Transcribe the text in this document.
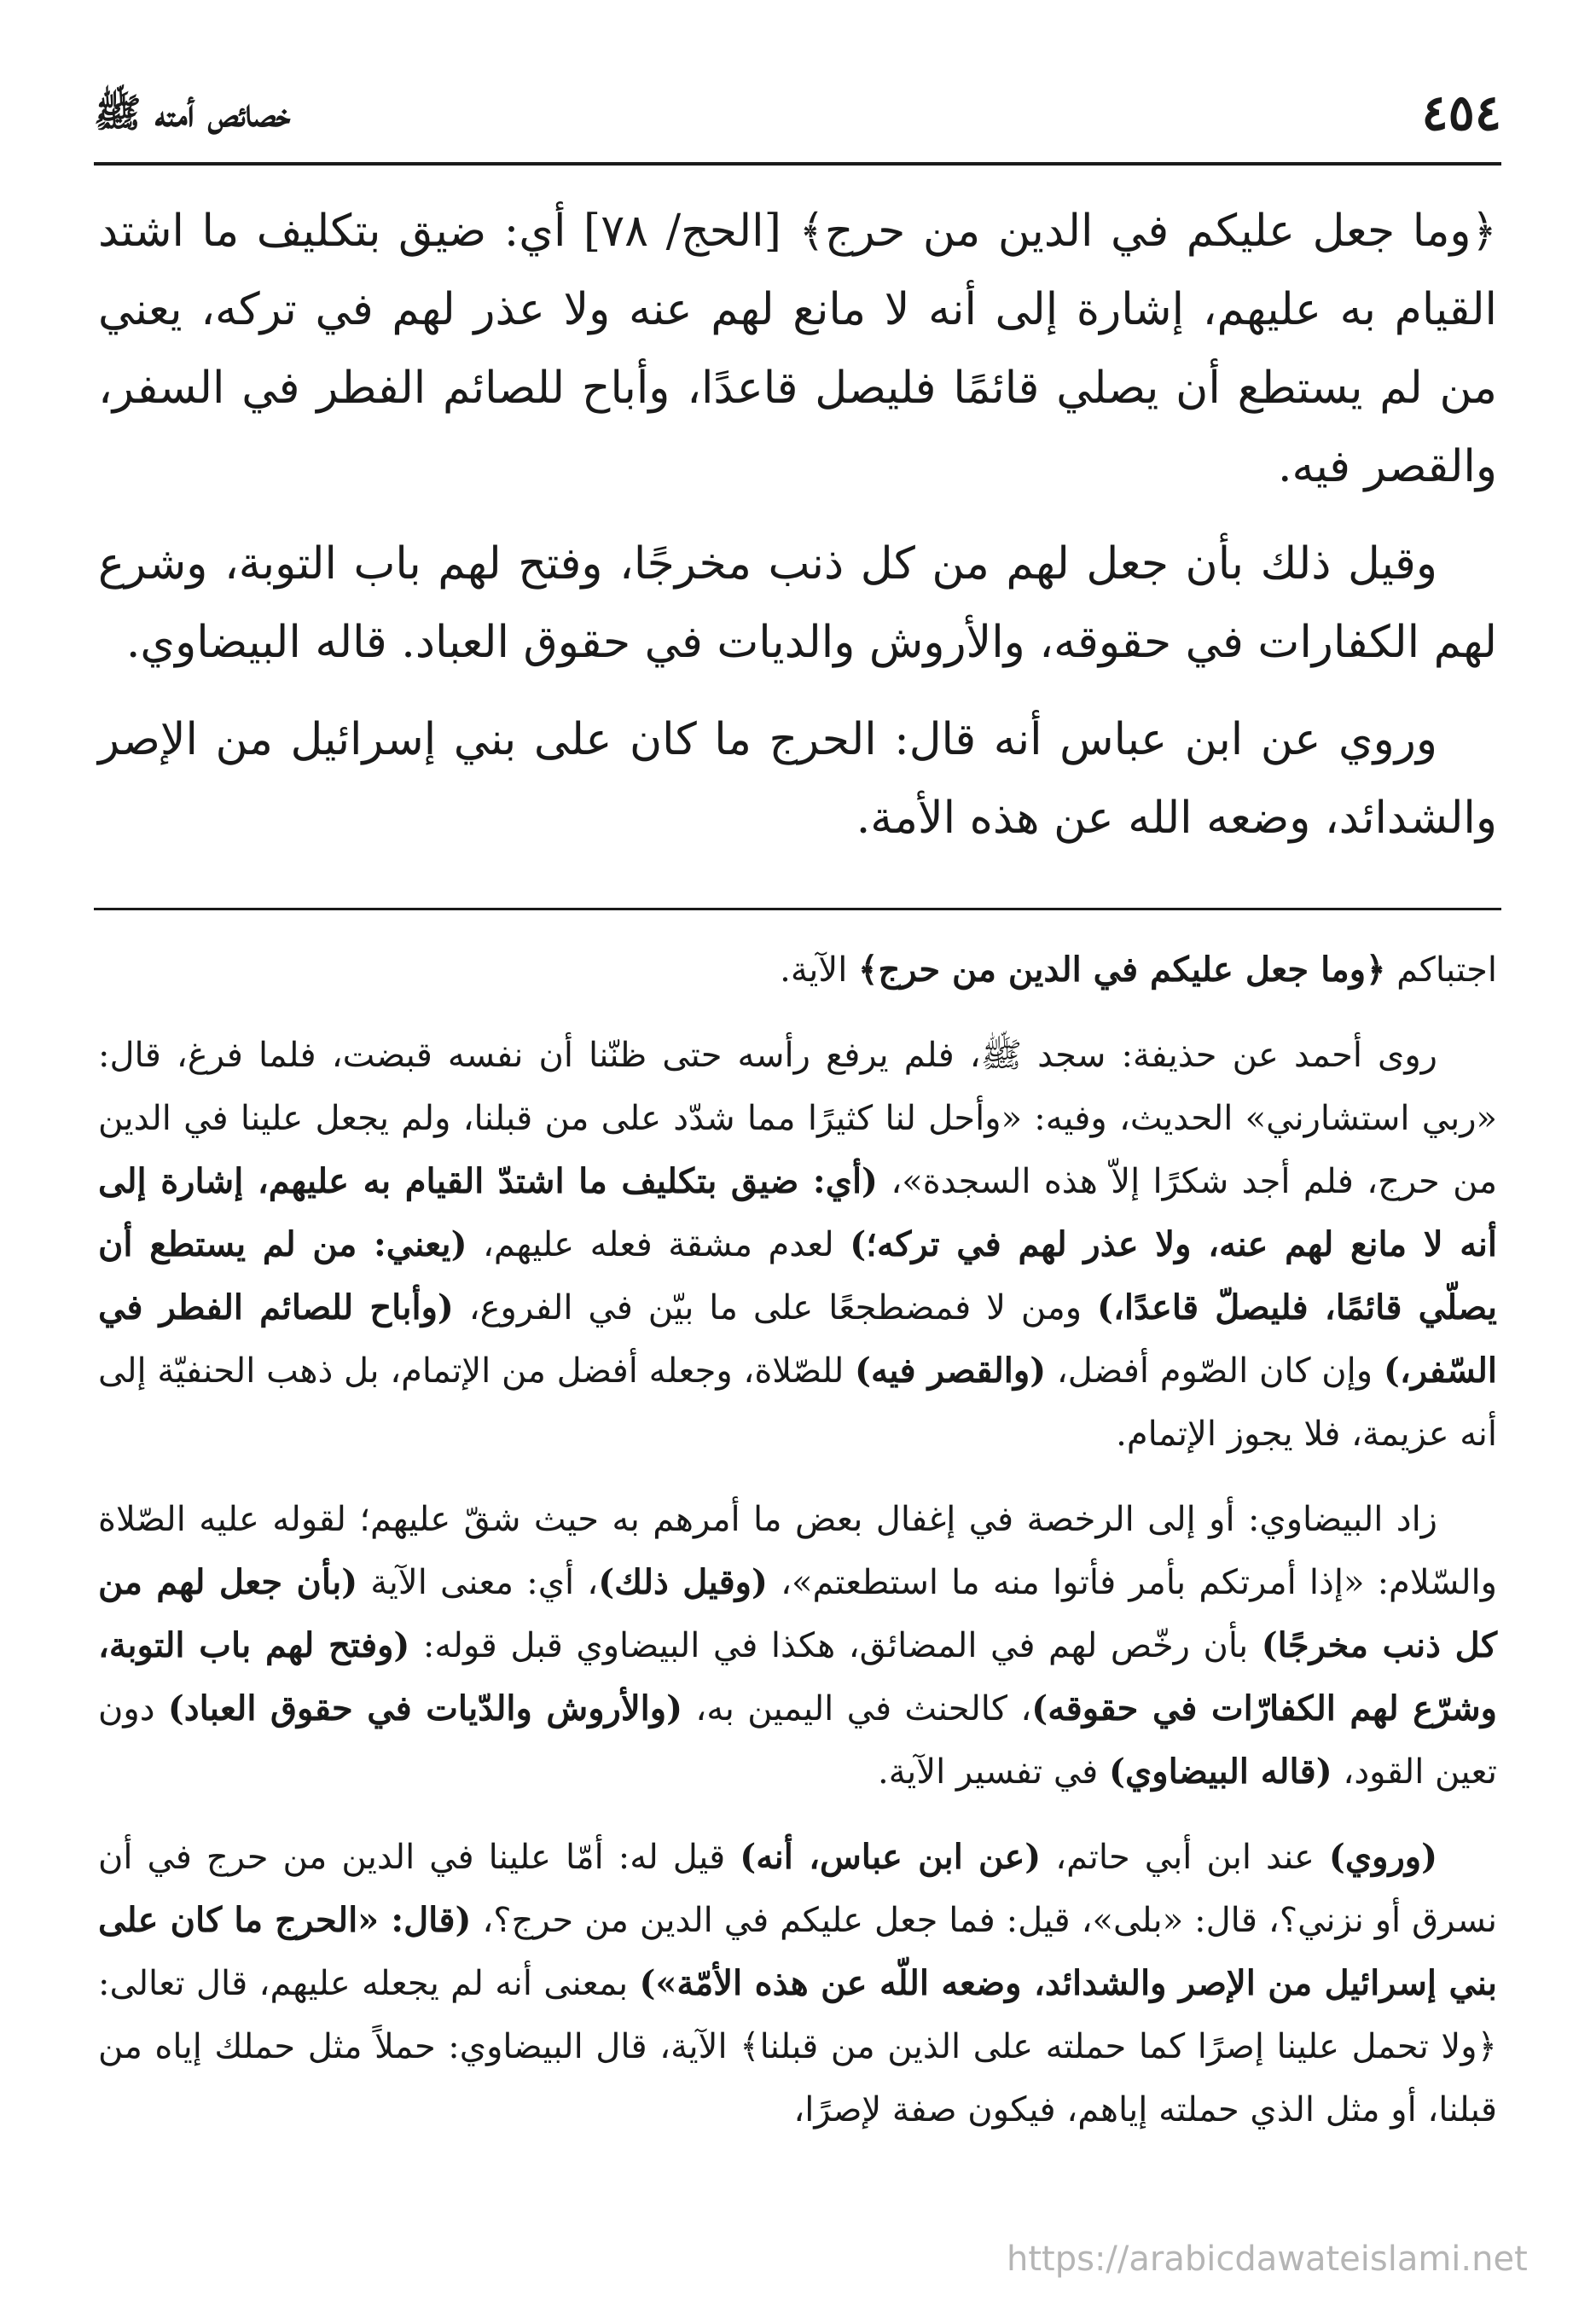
٤٥٤
خصائص أمته ﷺ

﴿وما جعل عليكم في الدين من حرج﴾ [الحج/ ٧٨] أي: ضيق بتكليف ما اشتد القيام به عليهم، إشارة إلى أنه لا مانع لهم عنه ولا عذر لهم في تركه، يعني من لم يستطع أن يصلي قائمًا فليصل قاعدًا، وأباح للصائم الفطر في السفر، والقصر فيه.

وقيل ذلك بأن جعل لهم من كل ذنب مخرجًا، وفتح لهم باب التوبة، وشرع لهم الكفارات في حقوقه، والأروش والديات في حقوق العباد. قاله البيضاوي.

وروي عن ابن عباس أنه قال: الحرج ما كان على بني إسرائيل من الإصر والشدائد، وضعه الله عن هذه الأمة.

اجتباكم ﴿وما جعل عليكم في الدين من حرج﴾ الآية.

روى أحمد عن حذيفة: سجد ﷺ، فلم يرفع رأسه حتى ظنّنا أن نفسه قبضت، فلما فرغ، قال: «ربي استشارني» الحديث، وفيه: «وأحل لنا كثيرًا مما شدّد على من قبلنا، ولم يجعل علينا في الدين من حرج، فلم أجد شكرًا إلاّ هذه السجدة»، (أي: ضيق بتكليف ما اشتدّ القيام به عليهم، إشارة إلى أنه لا مانع لهم عنه، ولا عذر لهم في تركه؛) لعدم مشقة فعله عليهم، (يعني: من لم يستطع أن يصلّي قائمًا، فليصلّ قاعدًا،) ومن لا فمضطجعًا على ما بيّن في الفروع، (وأباح للصائم الفطر في السّفر،) وإن كان الصّوم أفضل، (والقصر فيه) للصّلاة، وجعله أفضل من الإتمام، بل ذهب الحنفيّة إلى أنه عزيمة، فلا يجوز الإتمام.

زاد البيضاوي: أو إلى الرخصة في إغفال بعض ما أمرهم به حيث شقّ عليهم؛ لقوله عليه الصّلاة والسّلام: «إذا أمرتكم بأمر فأتوا منه ما استطعتم»، (وقيل ذلك)، أي: معنى الآية (بأن جعل لهم من كل ذنب مخرجًا) بأن رخّص لهم في المضائق، هكذا في البيضاوي قبل قوله: (وفتح لهم باب التوبة، وشرّع لهم الكفارّات في حقوقه)، كالحنث في اليمين به، (والأروش والدّيات في حقوق العباد) دون تعين القود، (قاله البيضاوي) في تفسير الآية.

(وروي) عند ابن أبي حاتم، (عن ابن عباس، أنه) قيل له: أمّا علينا في الدين من حرج في أن نسرق أو نزني؟، قال: «بلى»، قيل: فما جعل عليكم في الدين من حرج؟، (قال: «الحرج ما كان على بني إسرائيل من الإصر والشدائد، وضعه اللّه عن هذه الأمّة») بمعنى أنه لم يجعله عليهم، قال تعالى: ﴿ولا تحمل علينا إصرًا كما حملته على الذين من قبلنا﴾ الآية، قال البيضاوي: حملاً مثل حملك إياه من قبلنا، أو مثل الذي حملته إياهم، فيكون صفة لإصرًا،

https://arabicdawateislami.net
